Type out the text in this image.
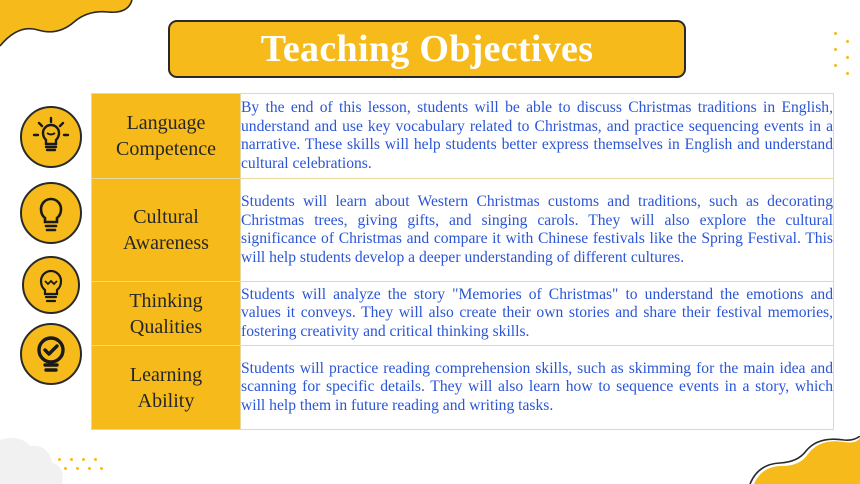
Teaching Objectives
Language
Competence	By the end of this lesson, students will be able to discuss Christmas traditions in English, understand and use key vocabulary related to Christmas, and practice sequencing events in a narrative. These skills will help students better express themselves in English and understand cultural celebrations.

Cultural
Awareness	Students will learn about Western Christmas customs and traditions, such as decorating Christmas trees, giving gifts, and singing carols. They will also explore the cultural significance of Christmas and compare it with Chinese festivals like the Spring Festival. This will help students develop a deeper understanding of different cultures.

Thinking
Qualities	Students will analyze the story "Memories of Christmas" to understand the emotions and values it conveys. They will also create their own stories and share their festival memories, fostering creativity and critical thinking skills.

Learning
Ability	Students will practice reading comprehension skills, such as skimming for the main idea and scanning for specific details. They will also learn how to sequence events in a story, which will help them in future reading and writing tasks.
